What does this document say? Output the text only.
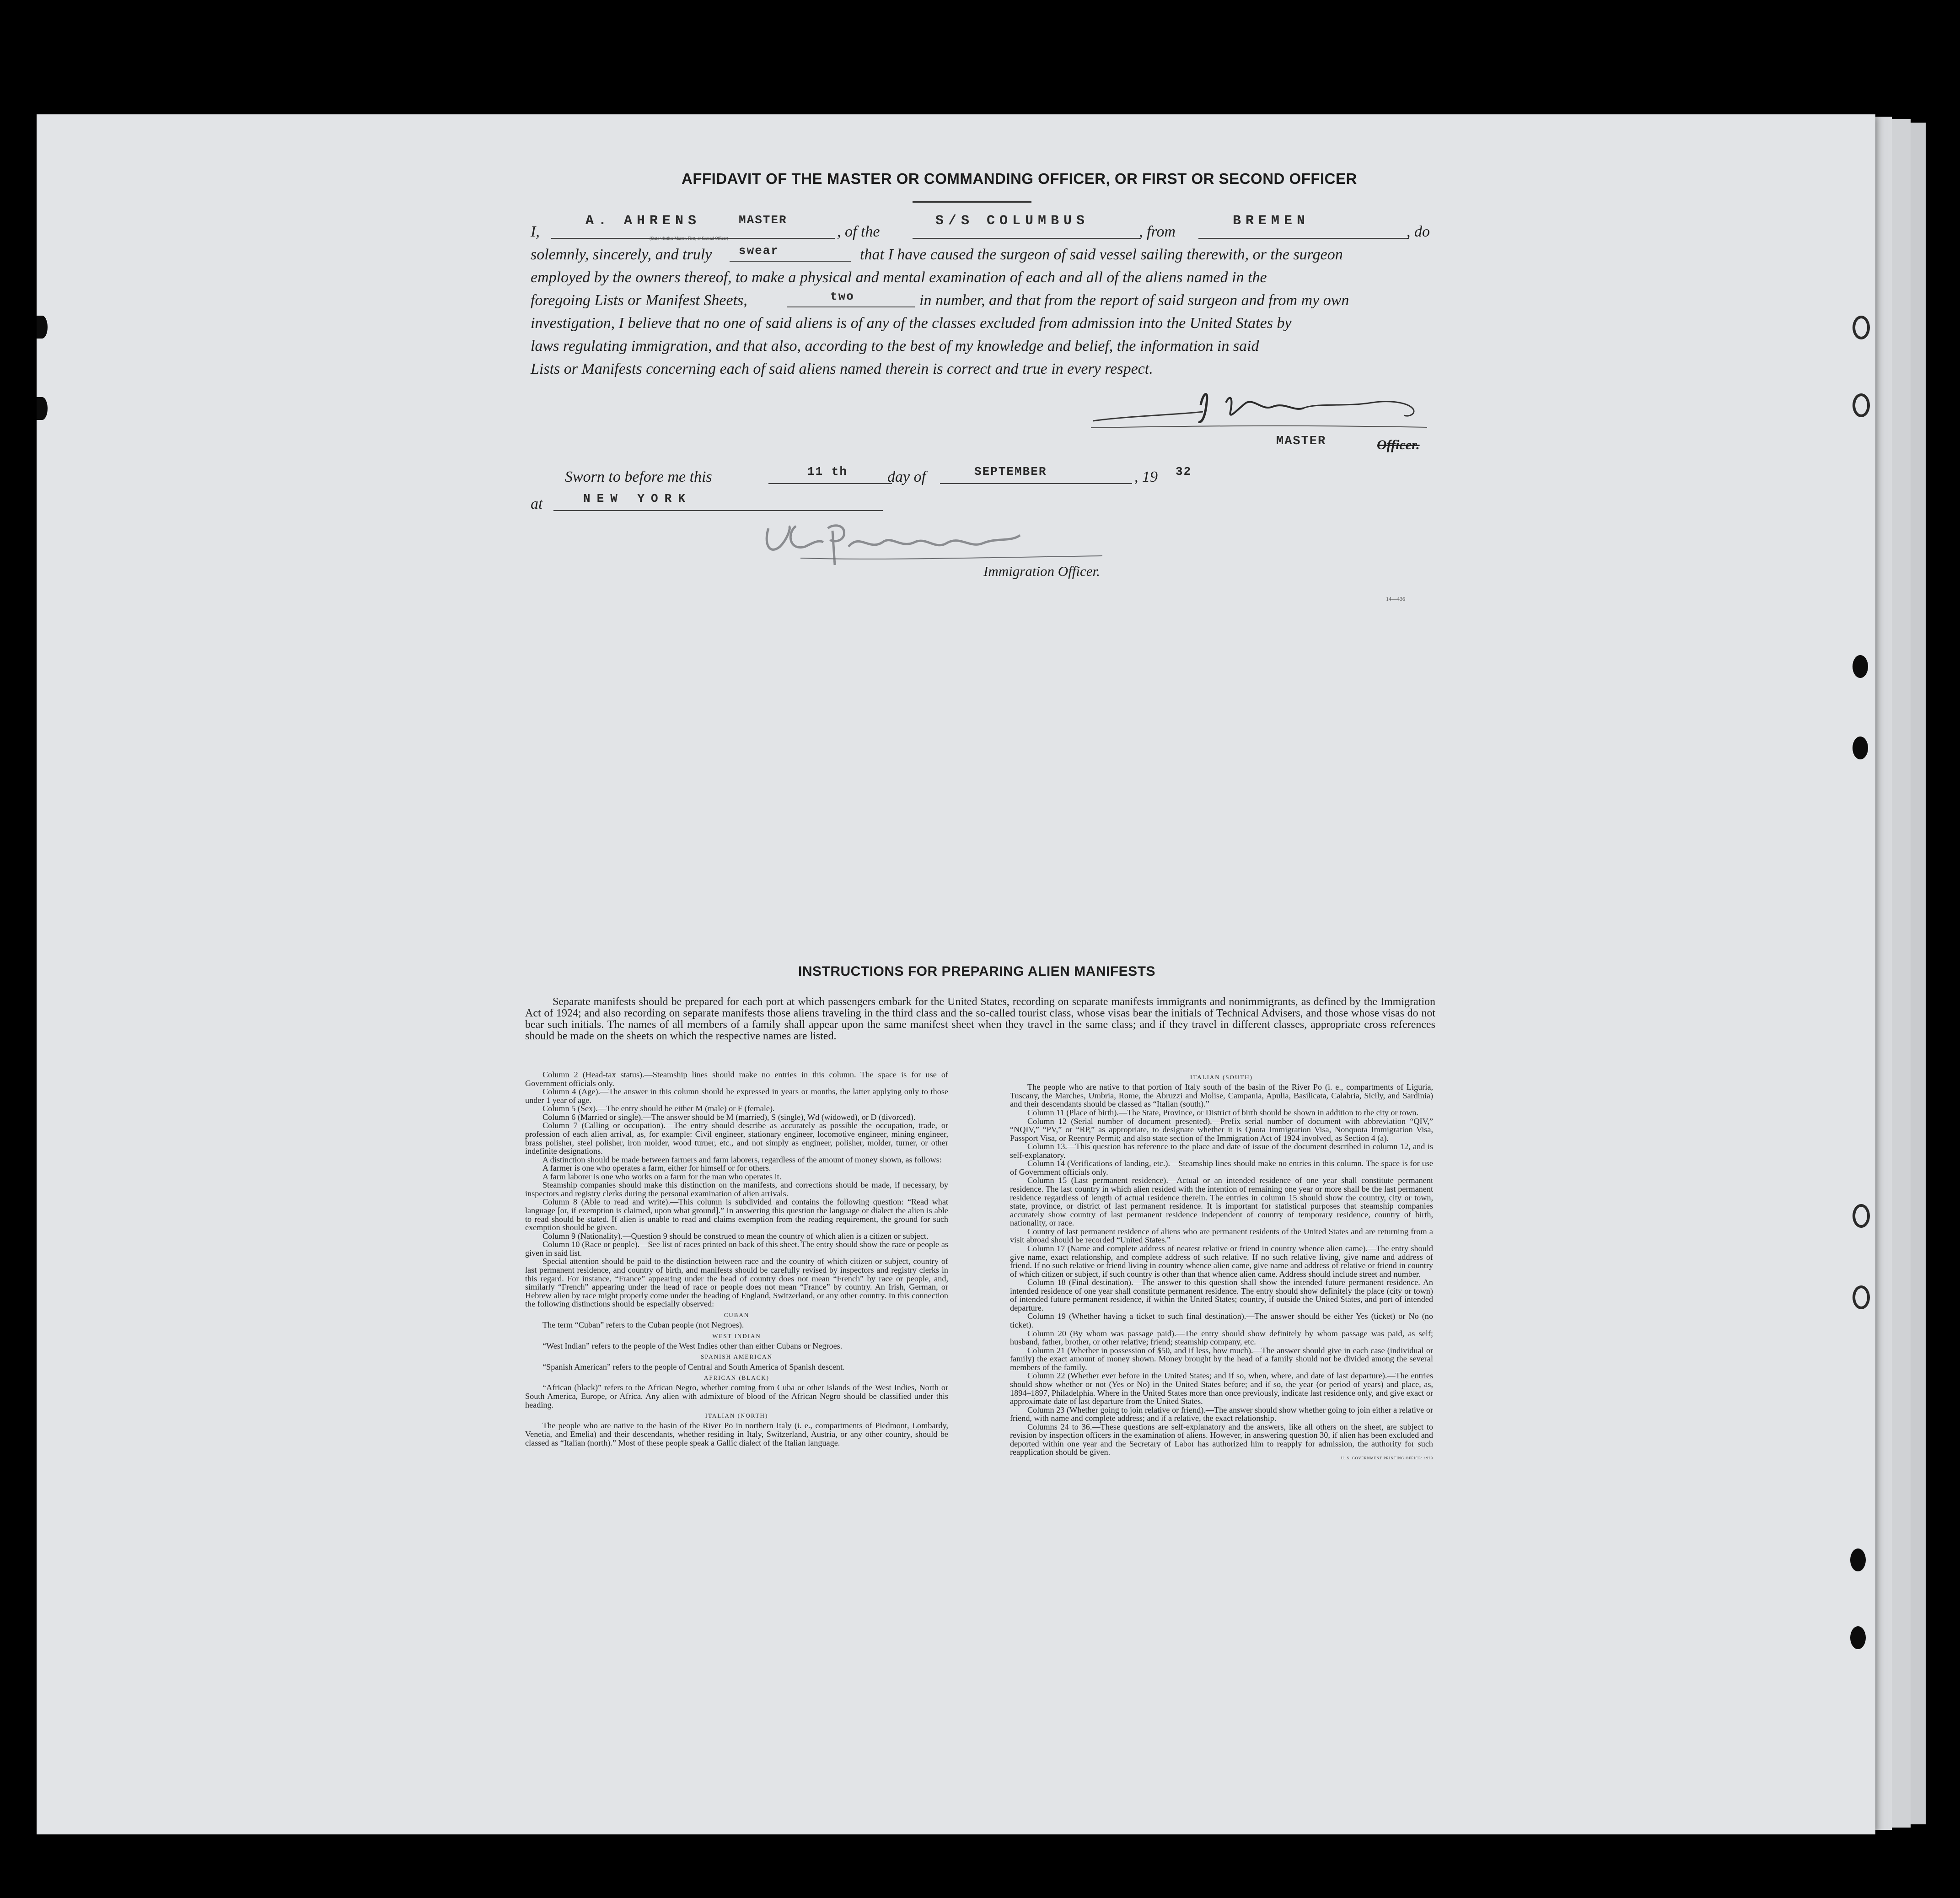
AFFIDAVIT OF THE MASTER OR COMMANDING OFFICER, OR FIRST OR SECOND OFFICER
I,
A. AHRENS	MASTER
(State whether Master, First, or Second Officer)	, of the
S/S COLUMBUS
, from
BREMEN
, do
solemnly, sincerely, and truly swear	that I have caused the surgeon of said vessel sailing therewith, or the surgeon
employed by the owners thereof, to make a physical and mental examination of each and all of the aliens named in the
foregoing Lists or Manifest Sheets,	two	in number, and that from the report of said surgeon and from my own
investigation, I believe that no one of said aliens is of any of the classes excluded from admission into the United States by
laws regulating immigration, and that also, according to the best of my knowledge and belief, the information in said
Lists or Manifests concerning each of said aliens named therein is correct and true in every respect.
MASTER	Officer.
Sworn to before me this	11 th	day of	SEPTEMBER	, 19 32
at	NEW YORK
Immigration Officer.
14—436
INSTRUCTIONS FOR PREPARING ALIEN MANIFESTS
Separate manifests should be prepared for each port at which passengers embark for the United States, recording on separate manifests immigrants and nonimmigrants, as defined by the Immigration Act of 1924; and also recording on separate manifests those aliens traveling in the third class and the so-called tourist class, whose visas bear the initials of Technical Advisers, and those whose visas do not bear such initials. The names of all members of a family shall appear upon the same manifest sheet when they travel in the same class; and if they travel in different classes, appropriate cross references should be made on the sheets on which the respective names are listed.

Column 2 (Head-tax status).—Steamship lines should make no entries in this column. The space is for use of Government officials only.

Column 4 (Age).—The answer in this column should be expressed in years or months, the latter applying only to those under 1 year of age.

Column 5 (Sex).—The entry should be either M (male) or F (female).

Column 6 (Married or single).—The answer should be M (married), S (single), Wd (widowed), or D (divorced).

Column 7 (Calling or occupation).—The entry should describe as accurately as possible the occupation, trade, or profession of each alien arrival, as, for example: Civil engineer, stationary engineer, locomotive engineer, mining engineer, brass polisher, steel polisher, iron molder, wood turner, etc., and not simply as engineer, polisher, molder, turner, or other indefinite designations.

A distinction should be made between farmers and farm laborers, regardless of the amount of money shown, as follows:

A farmer is one who operates a farm, either for himself or for others.

A farm laborer is one who works on a farm for the man who operates it.

Steamship companies should make this distinction on the manifests, and corrections should be made, if necessary, by inspectors and registry clerks during the personal examination of alien arrivals.

Column 8 (Able to read and write).—This column is subdivided and contains the following question: “Read what language [or, if exemption is claimed, upon what ground].” In answering this question the language or dialect the alien is able to read should be stated. If alien is unable to read and claims exemption from the reading requirement, the ground for such exemption should be given.

Column 9 (Nationality).—Question 9 should be construed to mean the country of which alien is a citizen or subject.

Column 10 (Race or people).—See list of races printed on back of this sheet. The entry should show the race or people as given in said list.

Special attention should be paid to the distinction between race and the country of which citizen or subject, country of last permanent residence, and country of birth, and manifests should be carefully revised by inspectors and registry clerks in this regard. For instance, “France” appearing under the head of country does not mean “French” by race or people, and, similarly “French” appearing under the head of race or people does not mean “France” by country. An Irish, German, or Hebrew alien by race might properly come under the heading of England, Switzerland, or any other country. In this connection the following distinctions should be especially observed:

CUBAN

The term “Cuban” refers to the Cuban people (not Negroes).

WEST INDIAN

“West Indian” refers to the people of the West Indies other than either Cubans or Negroes.

SPANISH AMERICAN

“Spanish American” refers to the people of Central and South America of Spanish descent.

AFRICAN (BLACK)

“African (black)” refers to the African Negro, whether coming from Cuba or other islands of the West Indies, North or South America, Europe, or Africa. Any alien with admixture of blood of the African Negro should be classified under this heading.

ITALIAN (NORTH)

The people who are native to the basin of the River Po in northern Italy (i. e., compartments of Piedmont, Lombardy, Venetia, and Emelia) and their descendants, whether residing in Italy, Switzerland, Austria, or any other country, should be classed as “Italian (north).” Most of these people speak a Gallic dialect of the Italian language.

ITALIAN (SOUTH)

The people who are native to that portion of Italy south of the basin of the River Po (i. e., compartments of Liguria, Tuscany, the Marches, Umbria, Rome, the Abruzzi and Molise, Campania, Apulia, Basilicata, Calabria, Sicily, and Sardinia) and their descendants should be classed as “Italian (south).”

Column 11 (Place of birth).—The State, Province, or District of birth should be shown in addition to the city or town.

Column 12 (Serial number of document presented).—Prefix serial number of document with abbreviation “QIV,” “NQIV,” “PV,” or “RP,” as appropriate, to designate whether it is Quota Immigration Visa, Nonquota Immigration Visa, Passport Visa, or Reentry Permit; and also state section of the Immigration Act of 1924 involved, as Section 4 (a).

Column 13.—This question has reference to the place and date of issue of the document described in column 12, and is self-explanatory.

Column 14 (Verifications of landing, etc.).—Steamship lines should make no entries in this column. The space is for use of Government officials only.

Column 15 (Last permanent residence).—Actual or an intended residence of one year shall constitute permanent residence. The last country in which alien resided with the intention of remaining one year or more shall be the last permanent residence regardless of length of actual residence therein. The entries in column 15 should show the country, city or town, state, province, or district of last permanent residence. It is important for statistical purposes that steamship companies accurately show country of last permanent residence independent of country of temporary residence, country of birth, nationality, or race.

Country of last permanent residence of aliens who are permanent residents of the United States and are returning from a visit abroad should be recorded “United States.”

Column 17 (Name and complete address of nearest relative or friend in country whence alien came).—The entry should give name, exact relationship, and complete address of such relative. If no such relative living, give name and address of friend. If no such relative or friend living in country whence alien came, give name and address of relative or friend in country of which citizen or subject, if such country is other than that whence alien came. Address should include street and number.

Column 18 (Final destination).—The answer to this question shall show the intended future permanent residence. An intended residence of one year shall constitute permanent residence. The entry should show definitely the place (city or town) of intended future permanent residence, if within the United States; country, if outside the United States, and port of intended departure.

Column 19 (Whether having a ticket to such final destination).—The answer should be either Yes (ticket) or No (no ticket).

Column 20 (By whom was passage paid).—The entry should show definitely by whom passage was paid, as self; husband, father, brother, or other relative; friend; steamship company, etc.

Column 21 (Whether in possession of $50, and if less, how much).—The answer should give in each case (individual or family) the exact amount of money shown. Money brought by the head of a family should not be divided among the several members of the family.

Column 22 (Whether ever before in the United States; and if so, when, where, and date of last departure).—The entries should show whether or not (Yes or No) in the United States before; and if so, the year (or period of years) and place, as, 1894–1897, Philadelphia. Where in the United States more than once previously, indicate last residence only, and give exact or approximate date of last departure from the United States.

Column 23 (Whether going to join relative or friend).—The answer should show whether going to join either a relative or friend, with name and complete address; and if a relative, the exact relationship.

Columns 24 to 36.—These questions are self-explanatory and the answers, like all others on the sheet, are subject to revision by inspection officers in the examination of aliens. However, in answering question 30, if alien has been excluded and deported within one year and the Secretary of Labor has authorized him to reapply for admission, the authority for such reapplication should be given.

U. S. GOVERNMENT PRINTING OFFICE: 1929
